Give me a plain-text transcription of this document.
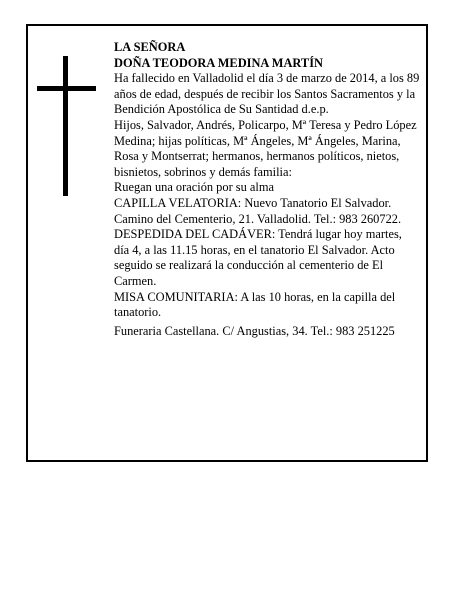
LA SEÑORA

DOÑA TEODORA MEDINA MARTÍN

Ha fallecido en Valladolid el día 3 de marzo de 2014, a los 89 años de edad, después de recibir los Santos Sacramentos y la Bendición Apostólica de Su Santidad d.e.p.

Hijos, Salvador, Andrés, Policarpo, Mª Teresa y Pedro López Medina; hijas políticas, Mª Ángeles, Mª Ángeles, Marina, Rosa y Montserrat; hermanos, hermanos políticos, nietos, bisnietos, sobrinos y demás familia:

Ruegan una oración por su alma

CAPILLA VELATORIA: Nuevo Tanatorio El Salvador. Camino del Cementerio, 21. Valladolid. Tel.: 983 260722.

DESPEDIDA DEL CADÁVER: Tendrá lugar hoy martes, día 4, a las 11.15 horas, en el tanatorio El Salvador. Acto seguido se realizará la conducción al cementerio de El Carmen.

MISA COMUNITARIA: A las 10 horas, en la capilla del tanatorio.

Funeraria Castellana. C/ Angustias, 34. Tel.: 983 251225
